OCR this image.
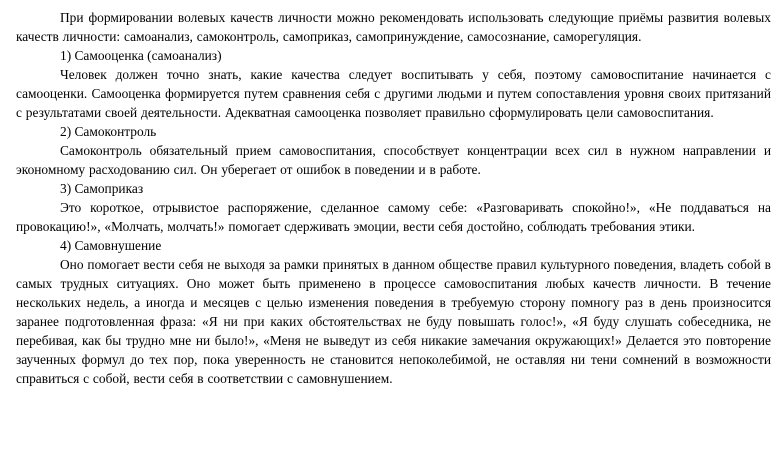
При формировании волевых качеств личности можно рекомендовать использовать следующие приёмы развития волевых качеств личности: самоанализ, самоконтроль, самоприказ, самопринуждение, самосознание, саморегуляция.

1) Самооценка (самоанализ)

Человек должен точно знать, какие качества следует воспитывать у себя, поэтому самовоспитание начинается с самооценки. Самооценка формируется путем сравнения себя с другими людьми и путем сопоставления уровня своих притязаний с результатами своей деятельности. Адекватная самооценка позволяет правильно сформулировать цели самовоспитания.

2) Самоконтроль

Самоконтроль обязательный прием самовоспитания, способствует концентрации всех сил в нужном направлении и экономному расходованию сил. Он уберегает от ошибок в поведении и в работе.

3) Самоприказ

Это короткое, отрывистое распоряжение, сделанное самому себе: «Разговаривать спокойно!», «Не поддаваться на провокацию!», «Молчать, молчать!» помогает сдерживать эмоции, вести себя достойно, соблюдать требования этики.

4) Самовнушение

Оно помогает вести себя не выходя за рамки принятых в данном обществе правил культурного поведения, владеть собой в самых трудных ситуациях. Оно может быть применено в процессе самовоспитания любых качеств личности. В течение нескольких недель, а иногда и месяцев с целью изменения поведения в требуемую сторону помногу раз в день произносится заранее подготовленная фраза: «Я ни при каких обстоятельствах не буду повышать голос!», «Я буду слушать собеседника, не перебивая, как бы трудно мне ни было!», «Меня не выведут из себя никакие замечания окружающих!» Делается это повторение заученных формул до тех пор, пока уверенность не становится непоколебимой, не оставляя ни тени сомнений в возможности справиться с собой, вести себя в соответствии с самовнушением.
